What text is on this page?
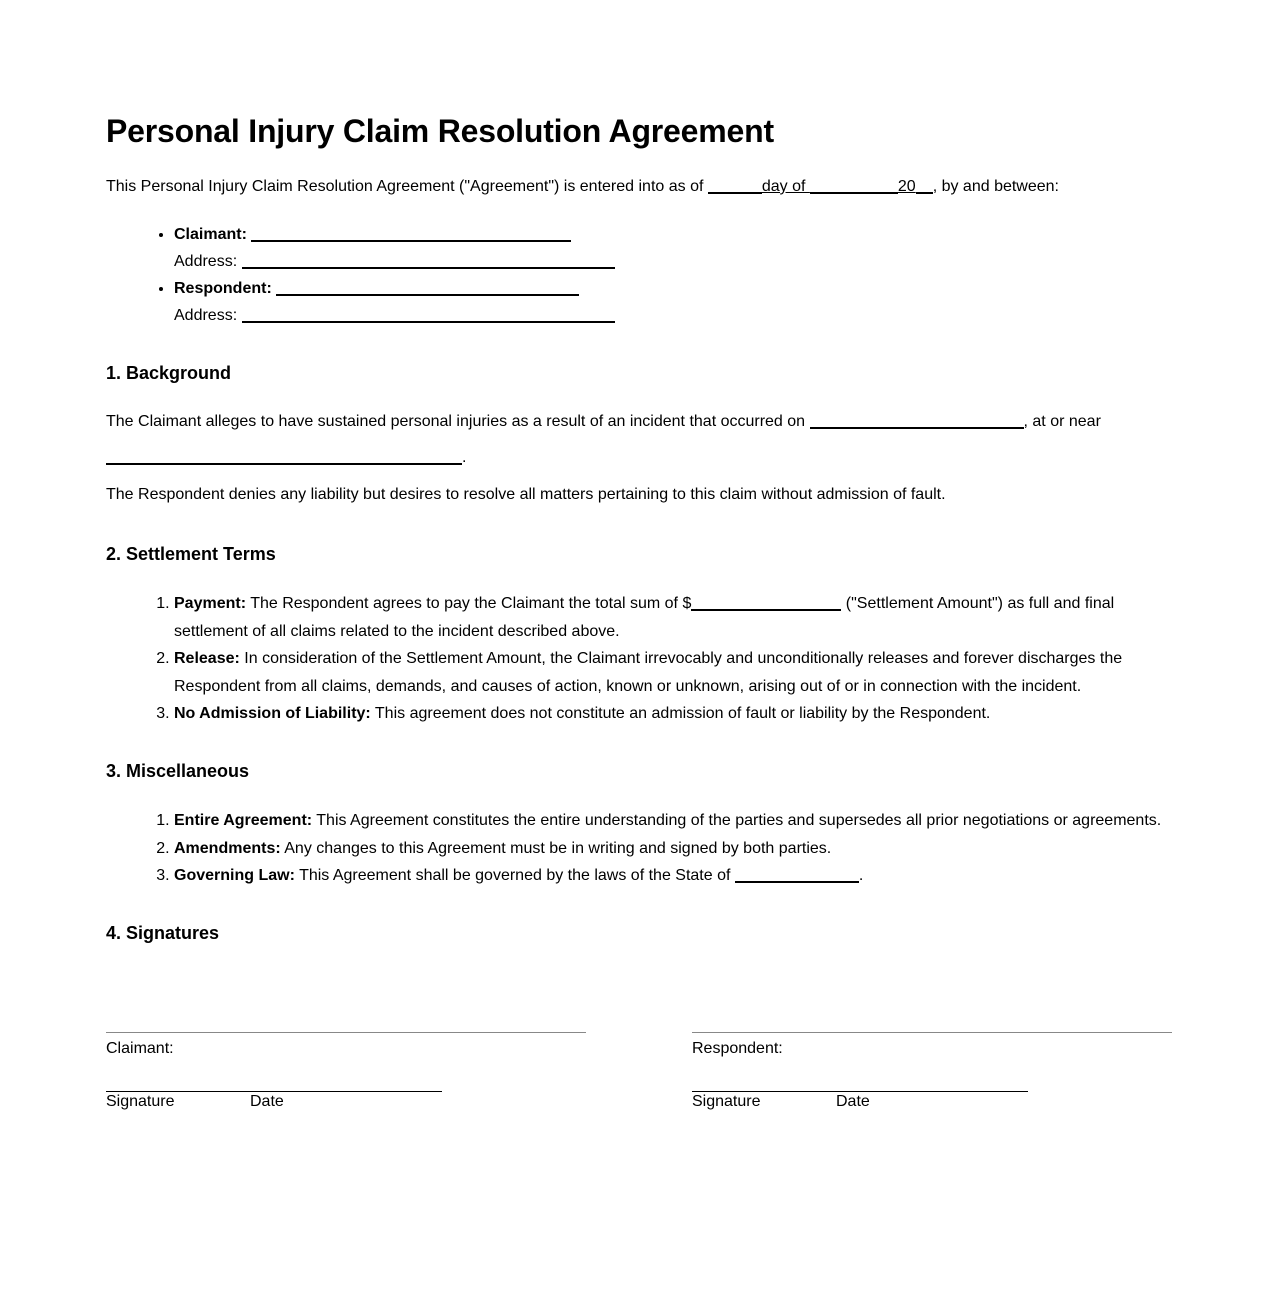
Personal Injury Claim Resolution Agreement
This Personal Injury Claim Resolution Agreement ("Agreement") is entered into as of	day of	20 , by and between:
• Claimant:
Address:
• Respondent:
Address:
1. Background

The Claimant alleges to have sustained personal injuries as a result of an incident that occurred on	, at or near
.

The Respondent denies any liability but desires to resolve all matters pertaining to this claim without admission of fault.

2. Settlement Terms
1. Payment: The Respondent agrees to pay the Claimant the total sum of $	("Settlement Amount") as full and final settlement of all claims related to the incident described above.
2. Release: In consideration of the Settlement Amount, the Claimant irrevocably and unconditionally releases and forever discharges the Respondent from all claims, demands, and causes of action, known or unknown, arising out of or in connection with the incident.
3. No Admission of Liability: This agreement does not constitute an admission of fault or liability by the Respondent.
3. Miscellaneous
1. Entire Agreement: This Agreement constitutes the entire understanding of the parties and supersedes all prior negotiations or agreements.
2. Amendments: Any changes to this Agreement must be in writing and signed by both parties.
3. Governing Law: This Agreement shall be governed by the laws of the State of	.
4. Signatures
Claimant:
Signature	Date
Respondent:
Signature	Date
